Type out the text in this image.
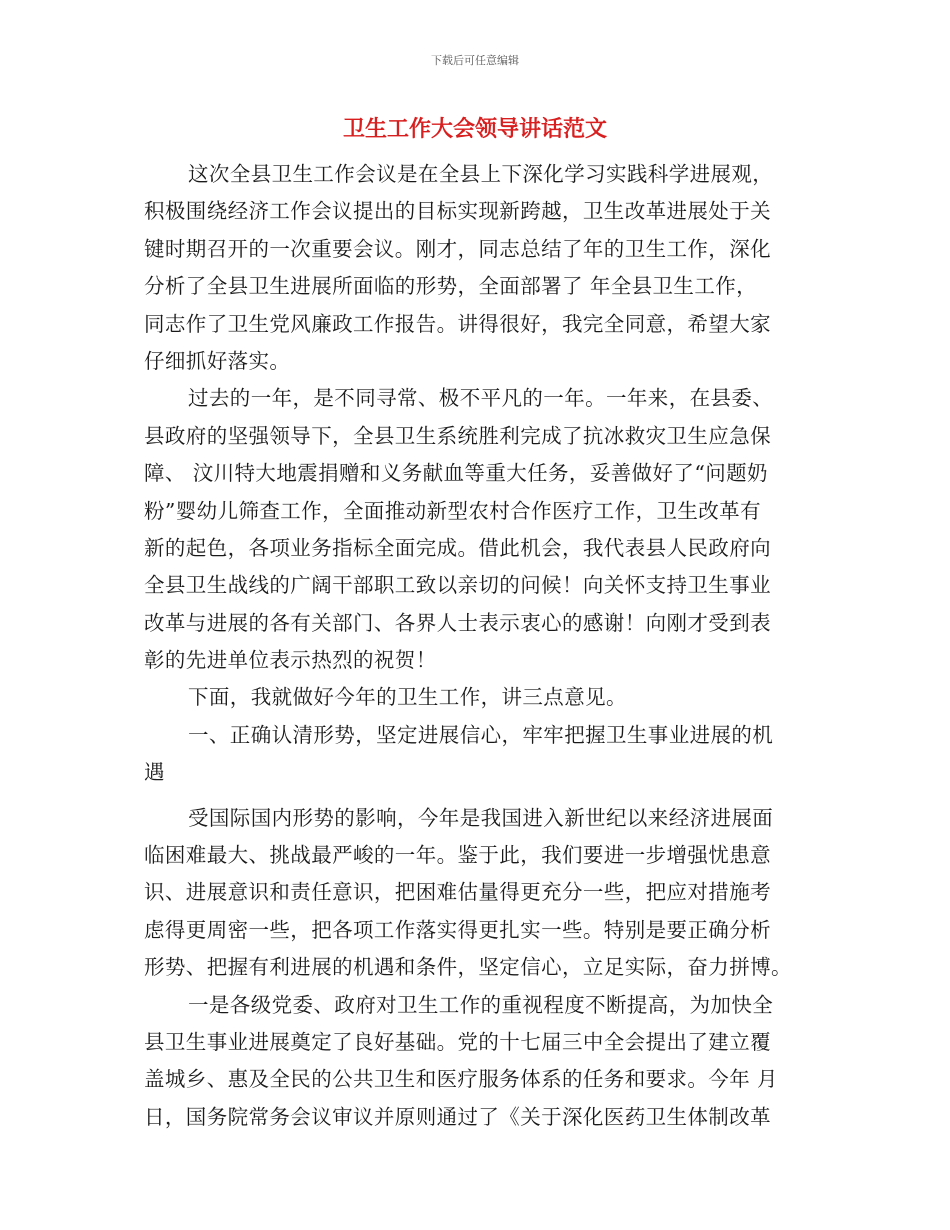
下载后可任意编辑
卫生工作大会领导讲话范文
这次全县卫生工作会议是在全县上下深化学习实践科学进展观，
积极围绕经济工作会议提出的目标实现新跨越，卫生改革进展处于关
键时期召开的一次重要会议。刚才，同志总结了年的卫生工作，深化
分析了全县卫生进展所面临的形势，全面部署了 年全县卫生工作，
同志作了卫生党风廉政工作报告。讲得很好，我完全同意，希望大家
仔细抓好落实。
过去的一年，是不同寻常、极不平凡的一年。一年来，在县委、
县政府的坚强领导下，全县卫生系统胜利完成了抗冰救灾卫生应急保
障、 汶川特大地震捐赠和义务献血等重大任务，妥善做好了“问题奶
粉”婴幼儿筛查工作，全面推动新型农村合作医疗工作，卫生改革有
新的起色，各项业务指标全面完成。借此机会，我代表县人民政府向
全县卫生战线的广阔干部职工致以亲切的问候！向关怀支持卫生事业
改革与进展的各有关部门、各界人士表示衷心的感谢！向刚才受到表
彰的先进单位表示热烈的祝贺！
下面，我就做好今年的卫生工作，讲三点意见。
一、正确认清形势，坚定进展信心，牢牢把握卫生事业进展的机
遇
受国际国内形势的影响，今年是我国进入新世纪以来经济进展面
临困难最大、挑战最严峻的一年。鉴于此，我们要进一步增强忧患意
识、进展意识和责任意识，把困难估量得更充分一些，把应对措施考
虑得更周密一些，把各项工作落实得更扎实一些。特别是要正确分析
形势、把握有利进展的机遇和条件，坚定信心，立足实际，奋力拼博。
一是各级党委、政府对卫生工作的重视程度不断提高，为加快全
县卫生事业进展奠定了良好基础。党的十七届三中全会提出了建立覆
盖城乡、惠及全民的公共卫生和医疗服务体系的任务和要求。今年 月
日，国务院常务会议审议并原则通过了《关于深化医药卫生体制改革
